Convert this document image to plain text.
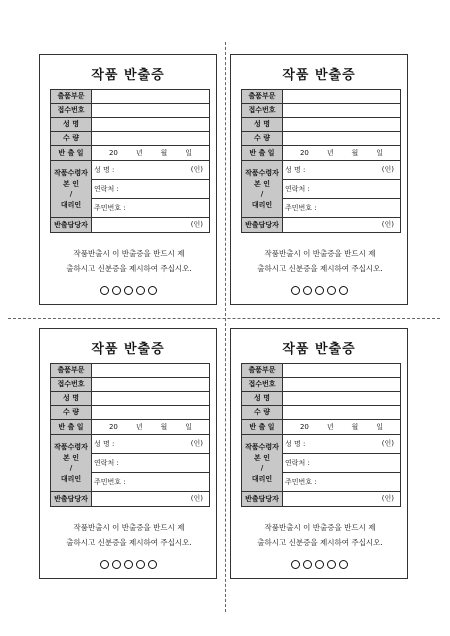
작품 반출증
출품부문	
접수번호	
성 명	
수 량	
반 출 일	20 년 월 일

작품수령자
본 인
/
대리인	성 명 : (인)

	연락처 :
	주민번호 :
반출담당자	(인)
작품반출시 이 반출증을 반드시 제
출하시고 신분증을 제시하여 주십시오.
작품 반출증
출품부문	
접수번호	
성 명	
수 량	
반 출 일	20 년 월 일

작품수령자
본 인
/
대리인	성 명 : (인)

	연락처 :
	주민번호 :
반출담당자	(인)
작품반출시 이 반출증을 반드시 제
출하시고 신분증을 제시하여 주십시오.
작품 반출증
출품부문	
접수번호	
성 명	
수 량	
반 출 일	20 년 월 일

작품수령자
본 인
/
대리인	성 명 : (인)

	연락처 :
	주민번호 :
반출담당자	(인)
작품반출시 이 반출증을 반드시 제
출하시고 신분증을 제시하여 주십시오.
작품 반출증
출품부문	
접수번호	
성 명	
수 량	
반 출 일	20 년 월 일

작품수령자
본 인
/
대리인	성 명 : (인)

	연락처 :
	주민번호 :
반출담당자	(인)
작품반출시 이 반출증을 반드시 제
출하시고 신분증을 제시하여 주십시오.
